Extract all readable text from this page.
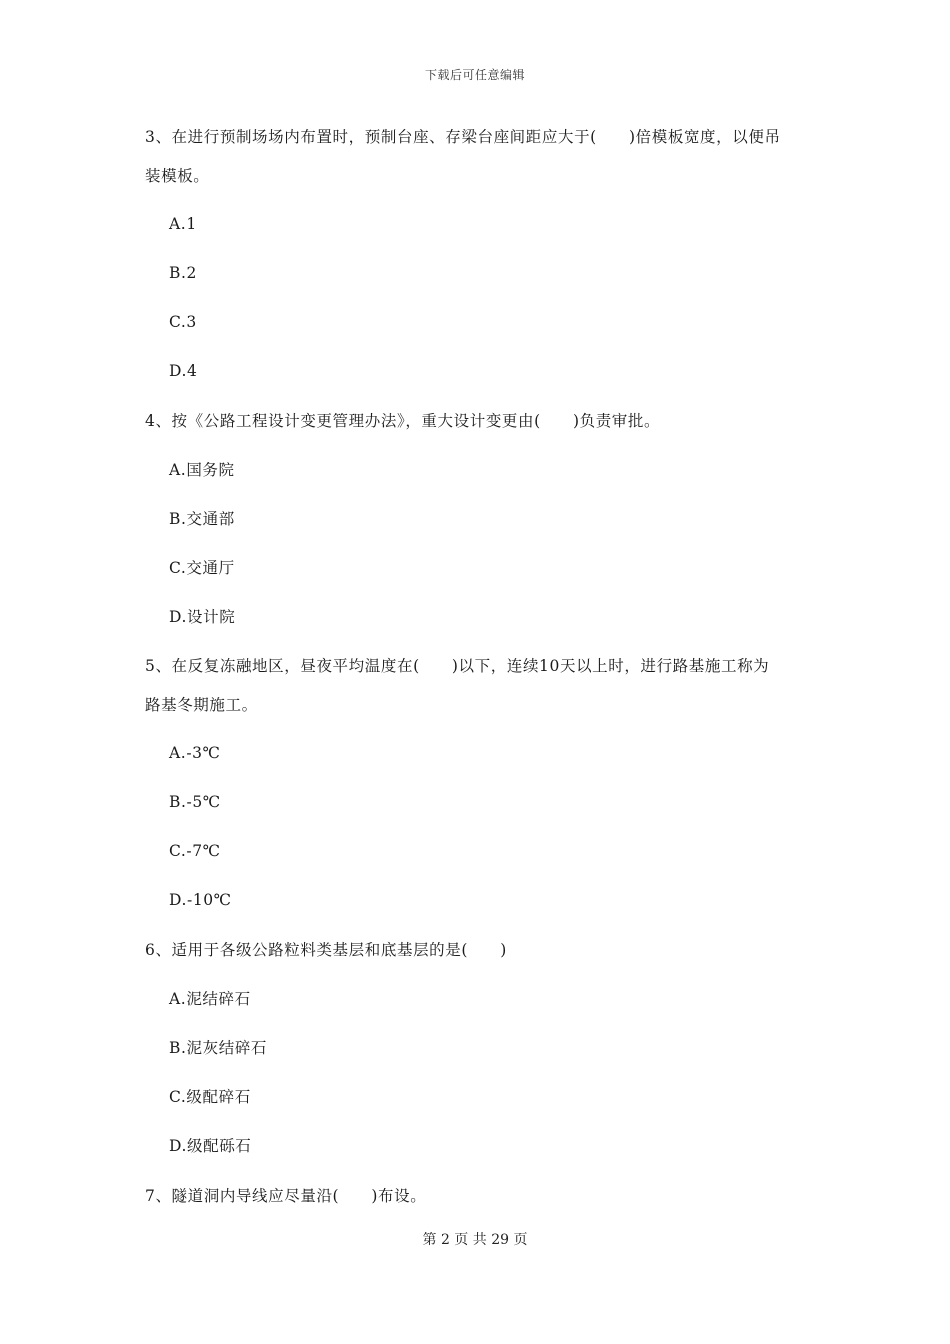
下载后可任意编辑
3、在进行预制场场内布置时，预制台座、存梁台座间距应大于(　　)倍模板宽度，以便吊
装模板。
A.1
B.2
C.3
D.4
4、按《公路工程设计变更管理办法》，重大设计变更由(　　)负责审批。
A.国务院
B.交通部
C.交通厅
D.设计院
5、在反复冻融地区，昼夜平均温度在(　　)以下，连续10天以上时，进行路基施工称为
路基冬期施工。
A.-3℃
B.-5℃
C.-7℃
D.-10℃
6、适用于各级公路粒料类基层和底基层的是(　　)
A.泥结碎石
B.泥灰结碎石
C.级配碎石
D.级配砾石
7、隧道洞内导线应尽量沿(　　)布设。
第 2 页 共 29 页
